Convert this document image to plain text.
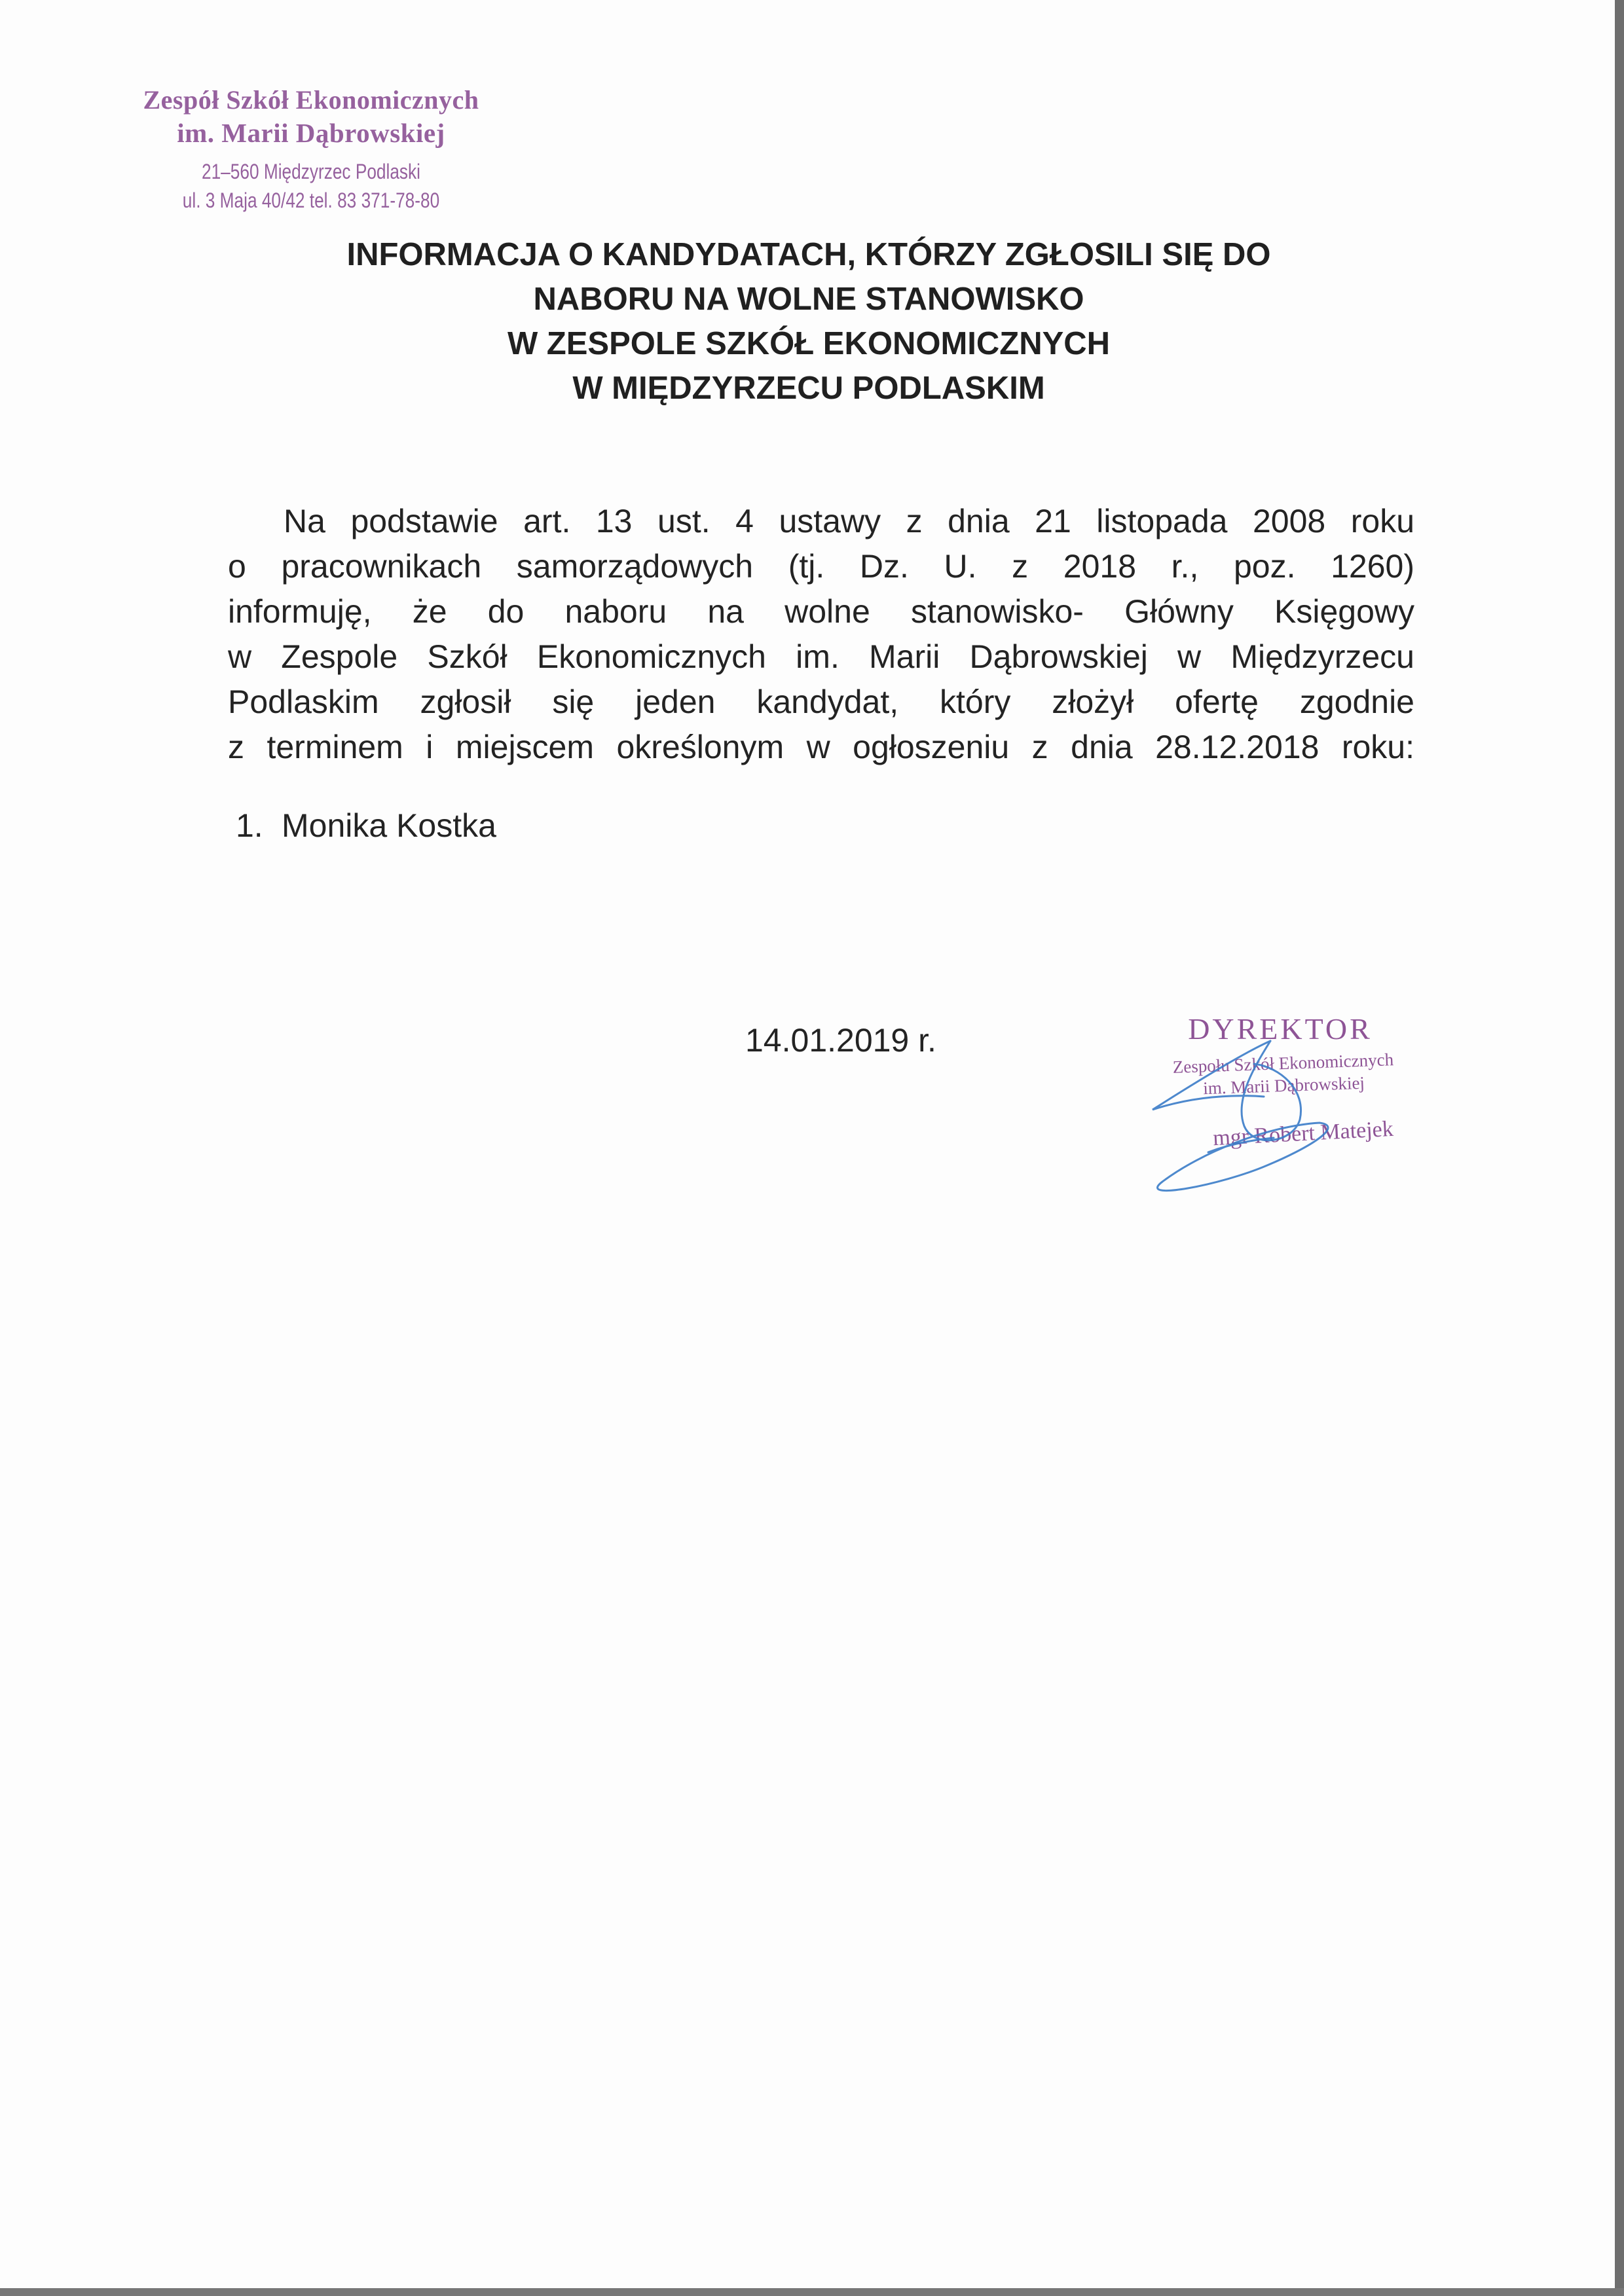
Zespół Szkół Ekonomicznych
im. Marii Dąbrowskiej
21–560 Międzyrzec Podlaski
ul. 3 Maja 40/42 tel. 83 371-78-80
INFORMACJA O KANDYDATACH, KTÓRZY ZGŁOSILI SIĘ DO
NABORU NA WOLNE STANOWISKO
W ZESPOLE SZKÓŁ EKONOMICZNYCH
W MIĘDZYRZECU PODLASKIM
Na podstawie art. 13 ust. 4 ustawy z dnia 21 listopada 2008 roku
o pracownikach samorządowych (tj. Dz. U. z 2018 r., poz. 1260)
informuję, że do naboru na wolne stanowisko- Główny Księgowy
w Zespole Szkół Ekonomicznych im. Marii Dąbrowskiej w Międzyrzecu
Podlaskim zgłosił się jeden kandydat, który złożył ofertę zgodnie
z terminem i miejscem określonym w ogłoszeniu z dnia 28.12.2018 roku:
1. Monika Kostka
14.01.2019 r.	DYREKTOR
Zespołu Szkół Ekonomicznych
im. Marii Dąbrowskiej
mgr Robert Matejek
